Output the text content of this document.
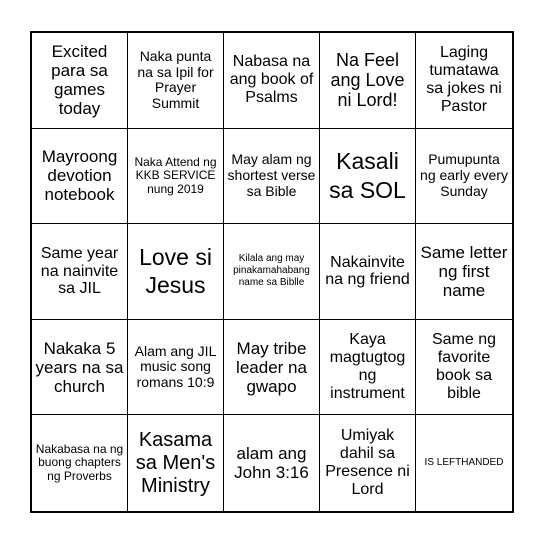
Excited para sa games today
Naka punta na sa Ipil for Prayer Summit
Nabasa na ang book of Psalms
Na Feel ang Love ni Lord!
Laging tumatawa sa jokes ni Pastor
Mayroong devotion notebook
Naka Attend ng KKB SERVICE nung 2019
May alam ng shortest verse sa Bible
Kasali sa SOL
Pumupunta ng early every Sunday
Same year na nainvite sa JIL
Love si Jesus
Kilala ang may pinakamahabang name sa Biblle
Nakainvite na ng friend
Same letter ng first name
Nakaka 5 years na sa church
Alam ang JIL music song romans 10:9
May tribe leader na gwapo
Kaya magtugtog ng instrument
Same ng favorite book sa bible
Nakabasa na ng buong chapters ng Proverbs
Kasama sa Men's Ministry
alam ang John 3:16
Umiyak dahil sa Presence ni Lord
IS LEFTHANDED
